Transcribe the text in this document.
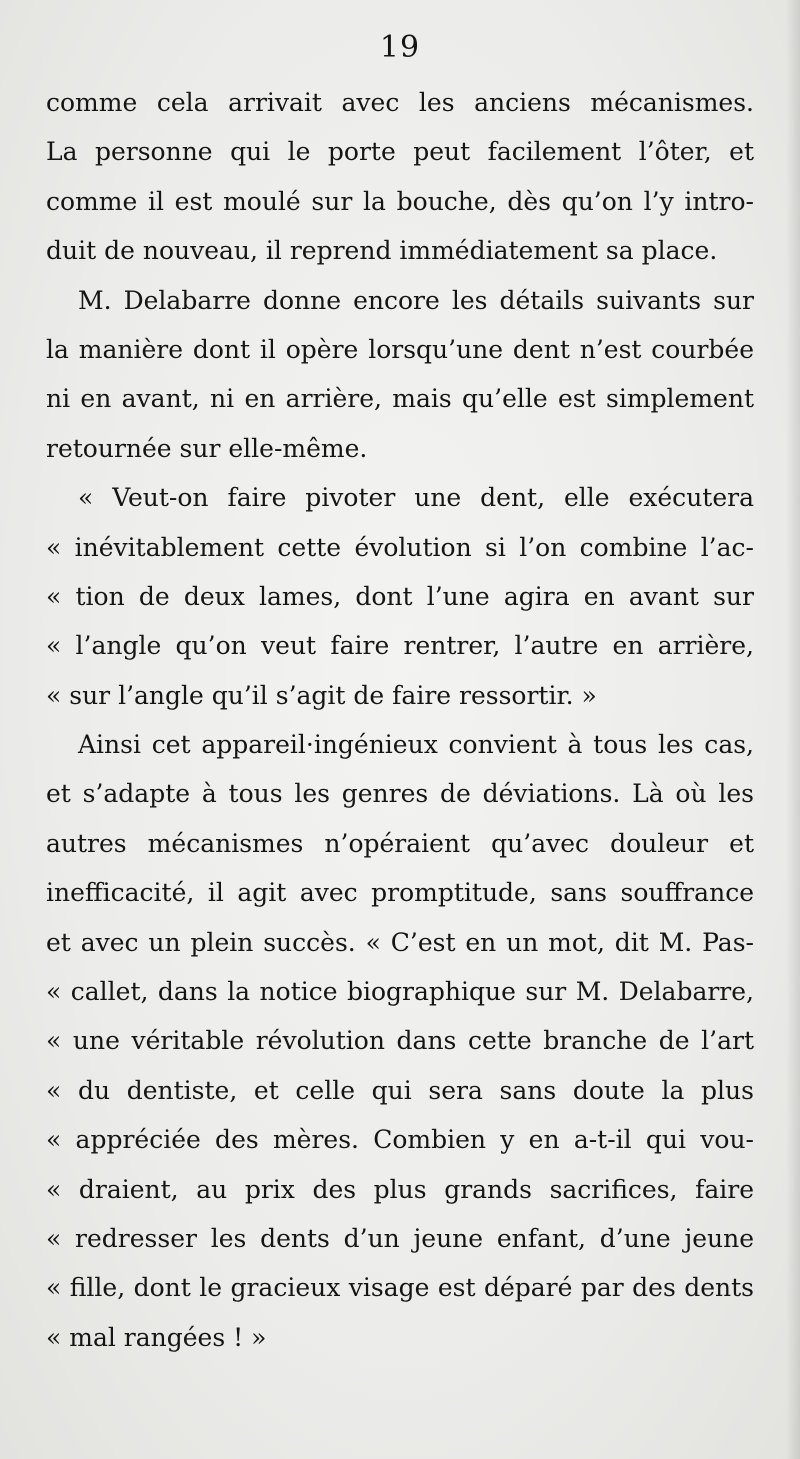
19
comme cela arrivait avec les anciens mécanismes.
La personne qui le porte peut facilement l’ôter, et
comme il est moulé sur la bouche, dès qu’on l’y intro-
duit de nouveau, il reprend immédiatement sa place.
M. Delabarre donne encore les détails suivants sur
la manière dont il opère lorsqu’une dent n’est courbée
ni en avant, ni en arrière, mais qu’elle est simplement
retournée sur elle-même.
« Veut-on faire pivoter une dent, elle exécutera
« inévitablement cette évolution si l’on combine l’ac-
« tion de deux lames, dont l’une agira en avant sur
« l’angle qu’on veut faire rentrer, l’autre en arrière,
« sur l’angle qu’il s’agit de faire ressortir. »
Ainsi cet appareil·ingénieux convient à tous les cas,
et s’adapte à tous les genres de déviations. Là où les
autres mécanismes n’opéraient qu’avec douleur et
inefficacité, il agit avec promptitude, sans souffrance
et avec un plein succès. « C’est en un mot, dit M. Pas-
« callet, dans la notice biographique sur M. Delabarre,
« une véritable révolution dans cette branche de l’art
« du dentiste, et celle qui sera sans doute la plus
« appréciée des mères. Combien y en a-t-il qui vou-
« draient, au prix des plus grands sacrifices, faire
« redresser les dents d’un jeune enfant, d’une jeune
« fille, dont le gracieux visage est déparé par des dents
« mal rangées ! »
